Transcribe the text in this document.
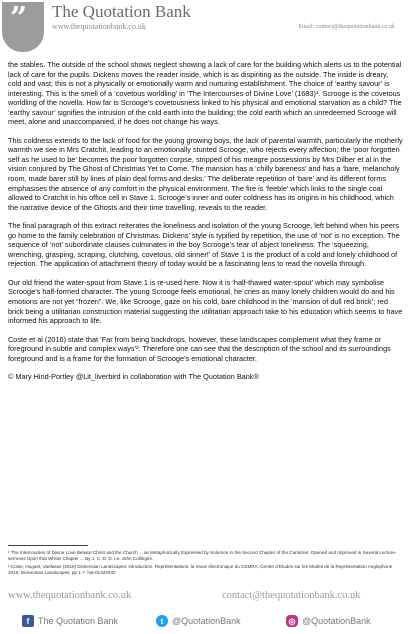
” The Quotation Bank
www.thequotationbank.co.uk	Email: contact@thequotationbank.co.uk

the stables. The outside of the school shows neglect showing a lack of care for the building which alerts us to the potential lack of care for the pupils. Dickens moves the reader inside, which is as dispiriting as the outside. The inside is dreary, cold and vast; this is not a physically or emotionally warm and nurturing establishment. The choice of ‘earthy savour’ is interesting. This is the smell of a ‘covetous worldling’ in ‘The Intercourses of Divine Love’ (1683)¹. Scrooge is the covetous worldling of the novella. How far is Scrooge’s covetousness linked to his physical and emotional starvation as a child? The ‘earthy savour’ signifies the intrusion of the cold earth into the building; the cold earth which an unredeemed Scrooge will meet, alone and unaccompanied, if he does not change his ways.

This coldness extends to the lack of food for the young growing boys, the lack of parental warmth, particularly the motherly warmth we see in Mrs Cratchit, leading to an emotionally stunted Scrooge, who rejects every affection; the ‘poor forgotten self as he used to be’ becomes the poor forgotten corpse, stripped of his meagre possessions by Mrs Dilber et al in the vision conjured by The Ghost of Christmas Yet to Come. The mansion has a ‘chilly bareness’ and has a ‘bare, melancholy room, made barer still by lines of plain deal forms and desks.’ The deliberate repetition of ‘bare’ and its different forms emphasises the absence of any comfort in the physical environment. The fire is ‘feeble’ which links to the single coal allowed to Cratchit in his office cell in Stave 1. Scrooge’s inner and outer coldness has its origins in his childhood, which the narrative device of the Ghosts and their time travelling, reveals to the reader.

The final paragraph of this extract reiterates the loneliness and isolation of the young Scrooge, left behind when his peers go home to the family celebration of Christmas. Dickens’ style is typified by repetition, the use of ‘not’ is no exception. The sequence of ‘not’ subordinate clauses culminates in the boy Scrooge’s tear of abject loneliness. The ‘squeezing, wrenching, grasping, scraping, clutching, covetous, old sinner!’ of Stave 1 is the product of a cold and lonely childhood of rejection. The application of attachment theory of today would be a fascinating lens to read the novella through.

Our old friend the water-spout from Stave 1 is re-used here. Now it is ‘half-thawed water-spout’ which may symbolise Scrooge’s half-formed character. The young Scrooge feels emotional, he cries as many lonely children would do and his emotions are not yet “frozen”. We, like Scrooge, gaze on his cold, bare childhood in the ‘mansion of dull red brick’; red brick being a utilitarian construction material suggesting the utilitarian approach take to his education which seems to have informed his approach to life.

Coste et al (2016) state that ‘Far from being backdrops, however, these landscapes complement what they frame or foreground in subtle and complex ways’². Therefore one can see that the description of the school and its surroundings foreground and is a frame for the formation of Scrooge’s emotional character.

© Mary Hind-Portley @Lit_liverbird in collaboration with The Quotation Bank®

¹ The Intercourses of Divine Love Betwixt Christ and the Church ... as Metaphorically Expressed by Solomon in the Second Chapter of the Canticles: Opened and Improved in Several Lecture-sermons Upon that Whole Chapter ... By J. C. D. D. i.e. John Collinges.

² Coste, Huguet, Vanfasse (2016) Dickensian Landscapes: introduction. Représentations: la revue électronique du CEMRA, Centre d’Etudes sur les Modes de la Représentation Anglophone 2016, Dickensian Landscapes, pp.1-7. hal-01422040

www.thequotationbank.co.uk	contact@thequotationbank.co.uk
f The Quotation Bank	t @QuotationBank	◎ @QuotationBank
